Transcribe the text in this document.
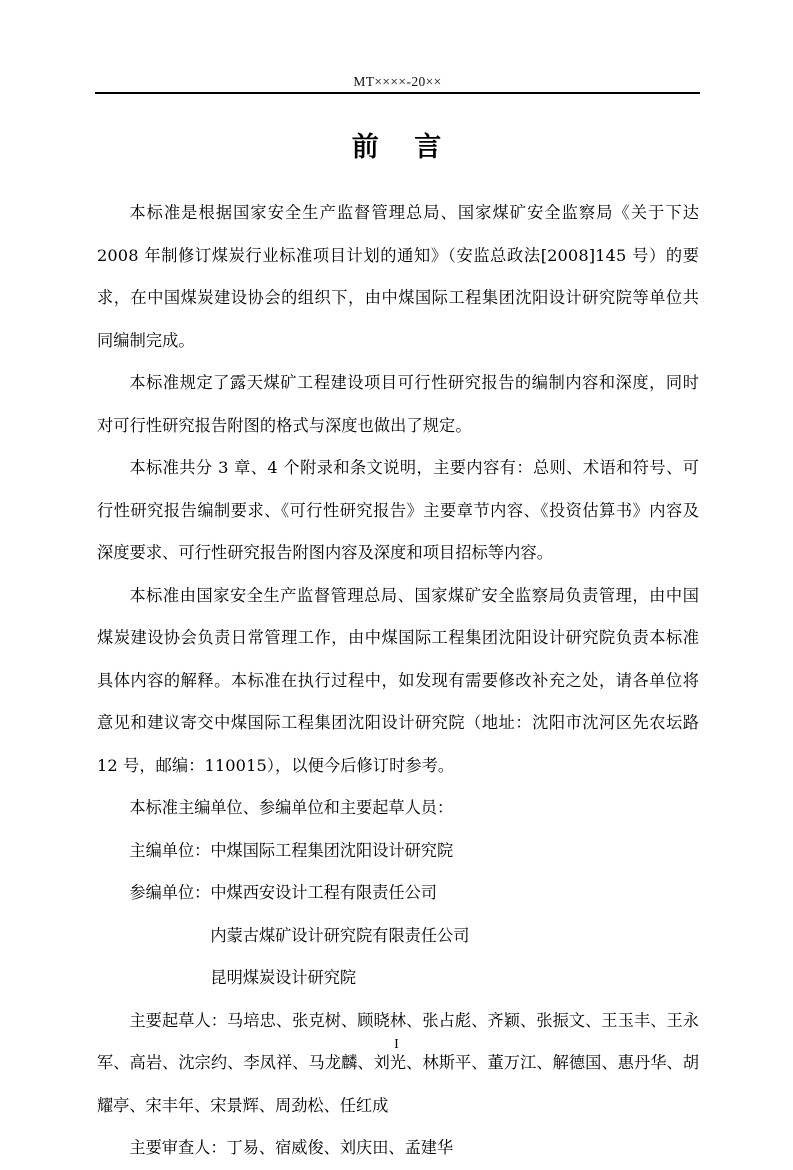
MT××××-20××
前 言

本标准是根据国家安全生产监督管理总局、国家煤矿安全监察局《关于下达 2008 年制修订煤炭行业标准项目计划的通知》（安监总政法[2008]145 号）的要求，在中国煤炭建设协会的组织下，由中煤国际工程集团沈阳设计研究院等单位共同编制完成。

本标准规定了露天煤矿工程建设项目可行性研究报告的编制内容和深度，同时对可行性研究报告附图的格式与深度也做出了规定。

本标准共分 3 章、4 个附录和条文说明，主要内容有：总则、术语和符号、可行性研究报告编制要求、《可行性研究报告》主要章节内容、《投资估算书》内容及深度要求、可行性研究报告附图内容及深度和项目招标等内容。

本标准由国家安全生产监督管理总局、国家煤矿安全监察局负责管理，由中国煤炭建设协会负责日常管理工作，由中煤国际工程集团沈阳设计研究院负责本标准具体内容的解释。本标准在执行过程中，如发现有需要修改补充之处，请各单位将意见和建议寄交中煤国际工程集团沈阳设计研究院（地址：沈阳市沈河区先农坛路 12 号，邮编：110015），以便今后修订时参考。

本标准主编单位、参编单位和主要起草人员：

主编单位：中煤国际工程集团沈阳设计研究院

参编单位：中煤西安设计工程有限责任公司

内蒙古煤矿设计研究院有限责任公司

昆明煤炭设计研究院

主要起草人：马培忠、张克树、顾晓林、张占彪、齐颖、张振文、王玉丰、王永军、高岩、沈宗约、李凤祥、马龙麟、刘光、林斯平、董万江、解德国、惠丹华、胡耀亭、宋丰年、宋景辉、周劲松、任红成

主要审查人：丁易、宿威俊、刘庆田、孟建华

I
